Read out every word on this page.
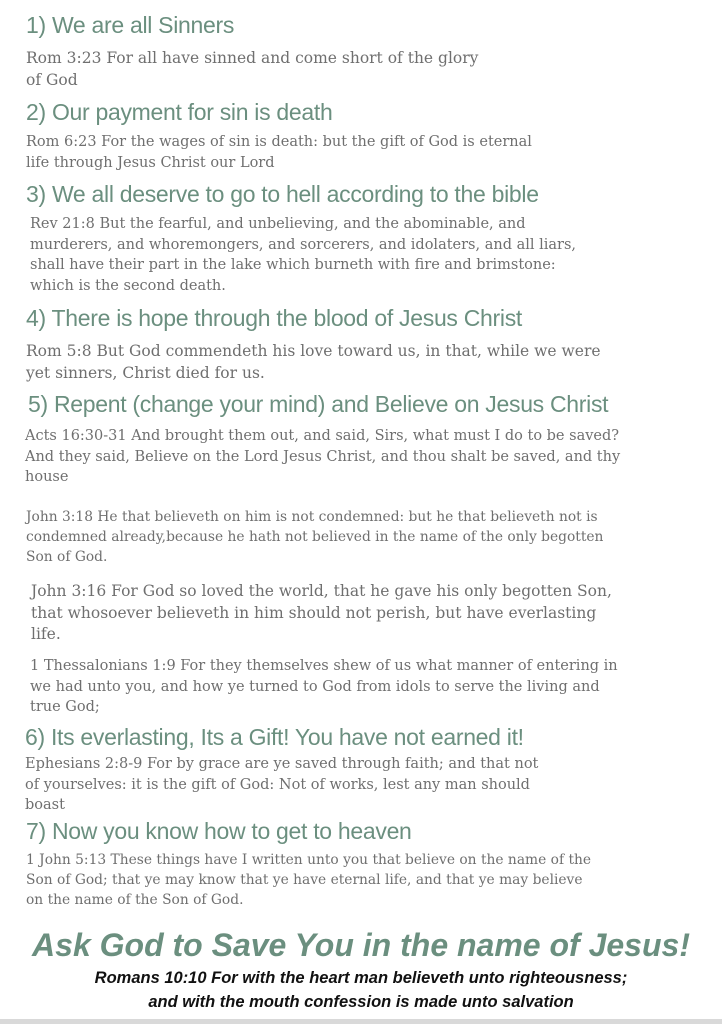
1) We are all Sinners
Rom 3:23 For all have sinned and come short of the glory
of God
2) Our payment for sin is death
Rom 6:23 For the wages of sin is death: but the gift of God is eternal
life through Jesus Christ our Lord
3) We all deserve to go to hell according to the bible
Rev 21:8 But the fearful, and unbelieving, and the abominable, and
murderers, and whoremongers, and sorcerers, and idolaters, and all liars,
shall have their part in the lake which burneth with fire and brimstone:
which is the second death.
4) There is hope through the blood of Jesus Christ
Rom 5:8 But God commendeth his love toward us, in that, while we were
yet sinners, Christ died for us.
5) Repent (change your mind) and Believe on Jesus Christ
Acts 16:30-31 And brought them out, and said, Sirs, what must I do to be saved?
And they said, Believe on the Lord Jesus Christ, and thou shalt be saved, and thy
house
John 3:18 He that believeth on him is not condemned: but he that believeth not is
condemned already,because he hath not believed in the name of the only begotten
Son of God.
John 3:16 For God so loved the world, that he gave his only begotten Son,
that whosoever believeth in him should not perish, but have everlasting
life.
1 Thessalonians 1:9 For they themselves shew of us what manner of entering in
we had unto you, and how ye turned to God from idols to serve the living and
true God;
6) Its everlasting, Its a Gift! You have not earned it!
Ephesians 2:8-9 For by grace are ye saved through faith; and that not
of yourselves: it is the gift of God: Not of works, lest any man should
boast
7) Now you know how to get to heaven
1 John 5:13 These things have I written unto you that believe on the name of the
Son of God; that ye may know that ye have eternal life, and that ye may believe
on the name of the Son of God.
Ask God to Save You in the name of Jesus!
Romans 10:10 For with the heart man believeth unto righteousness;
and with the mouth confession is made unto salvation
